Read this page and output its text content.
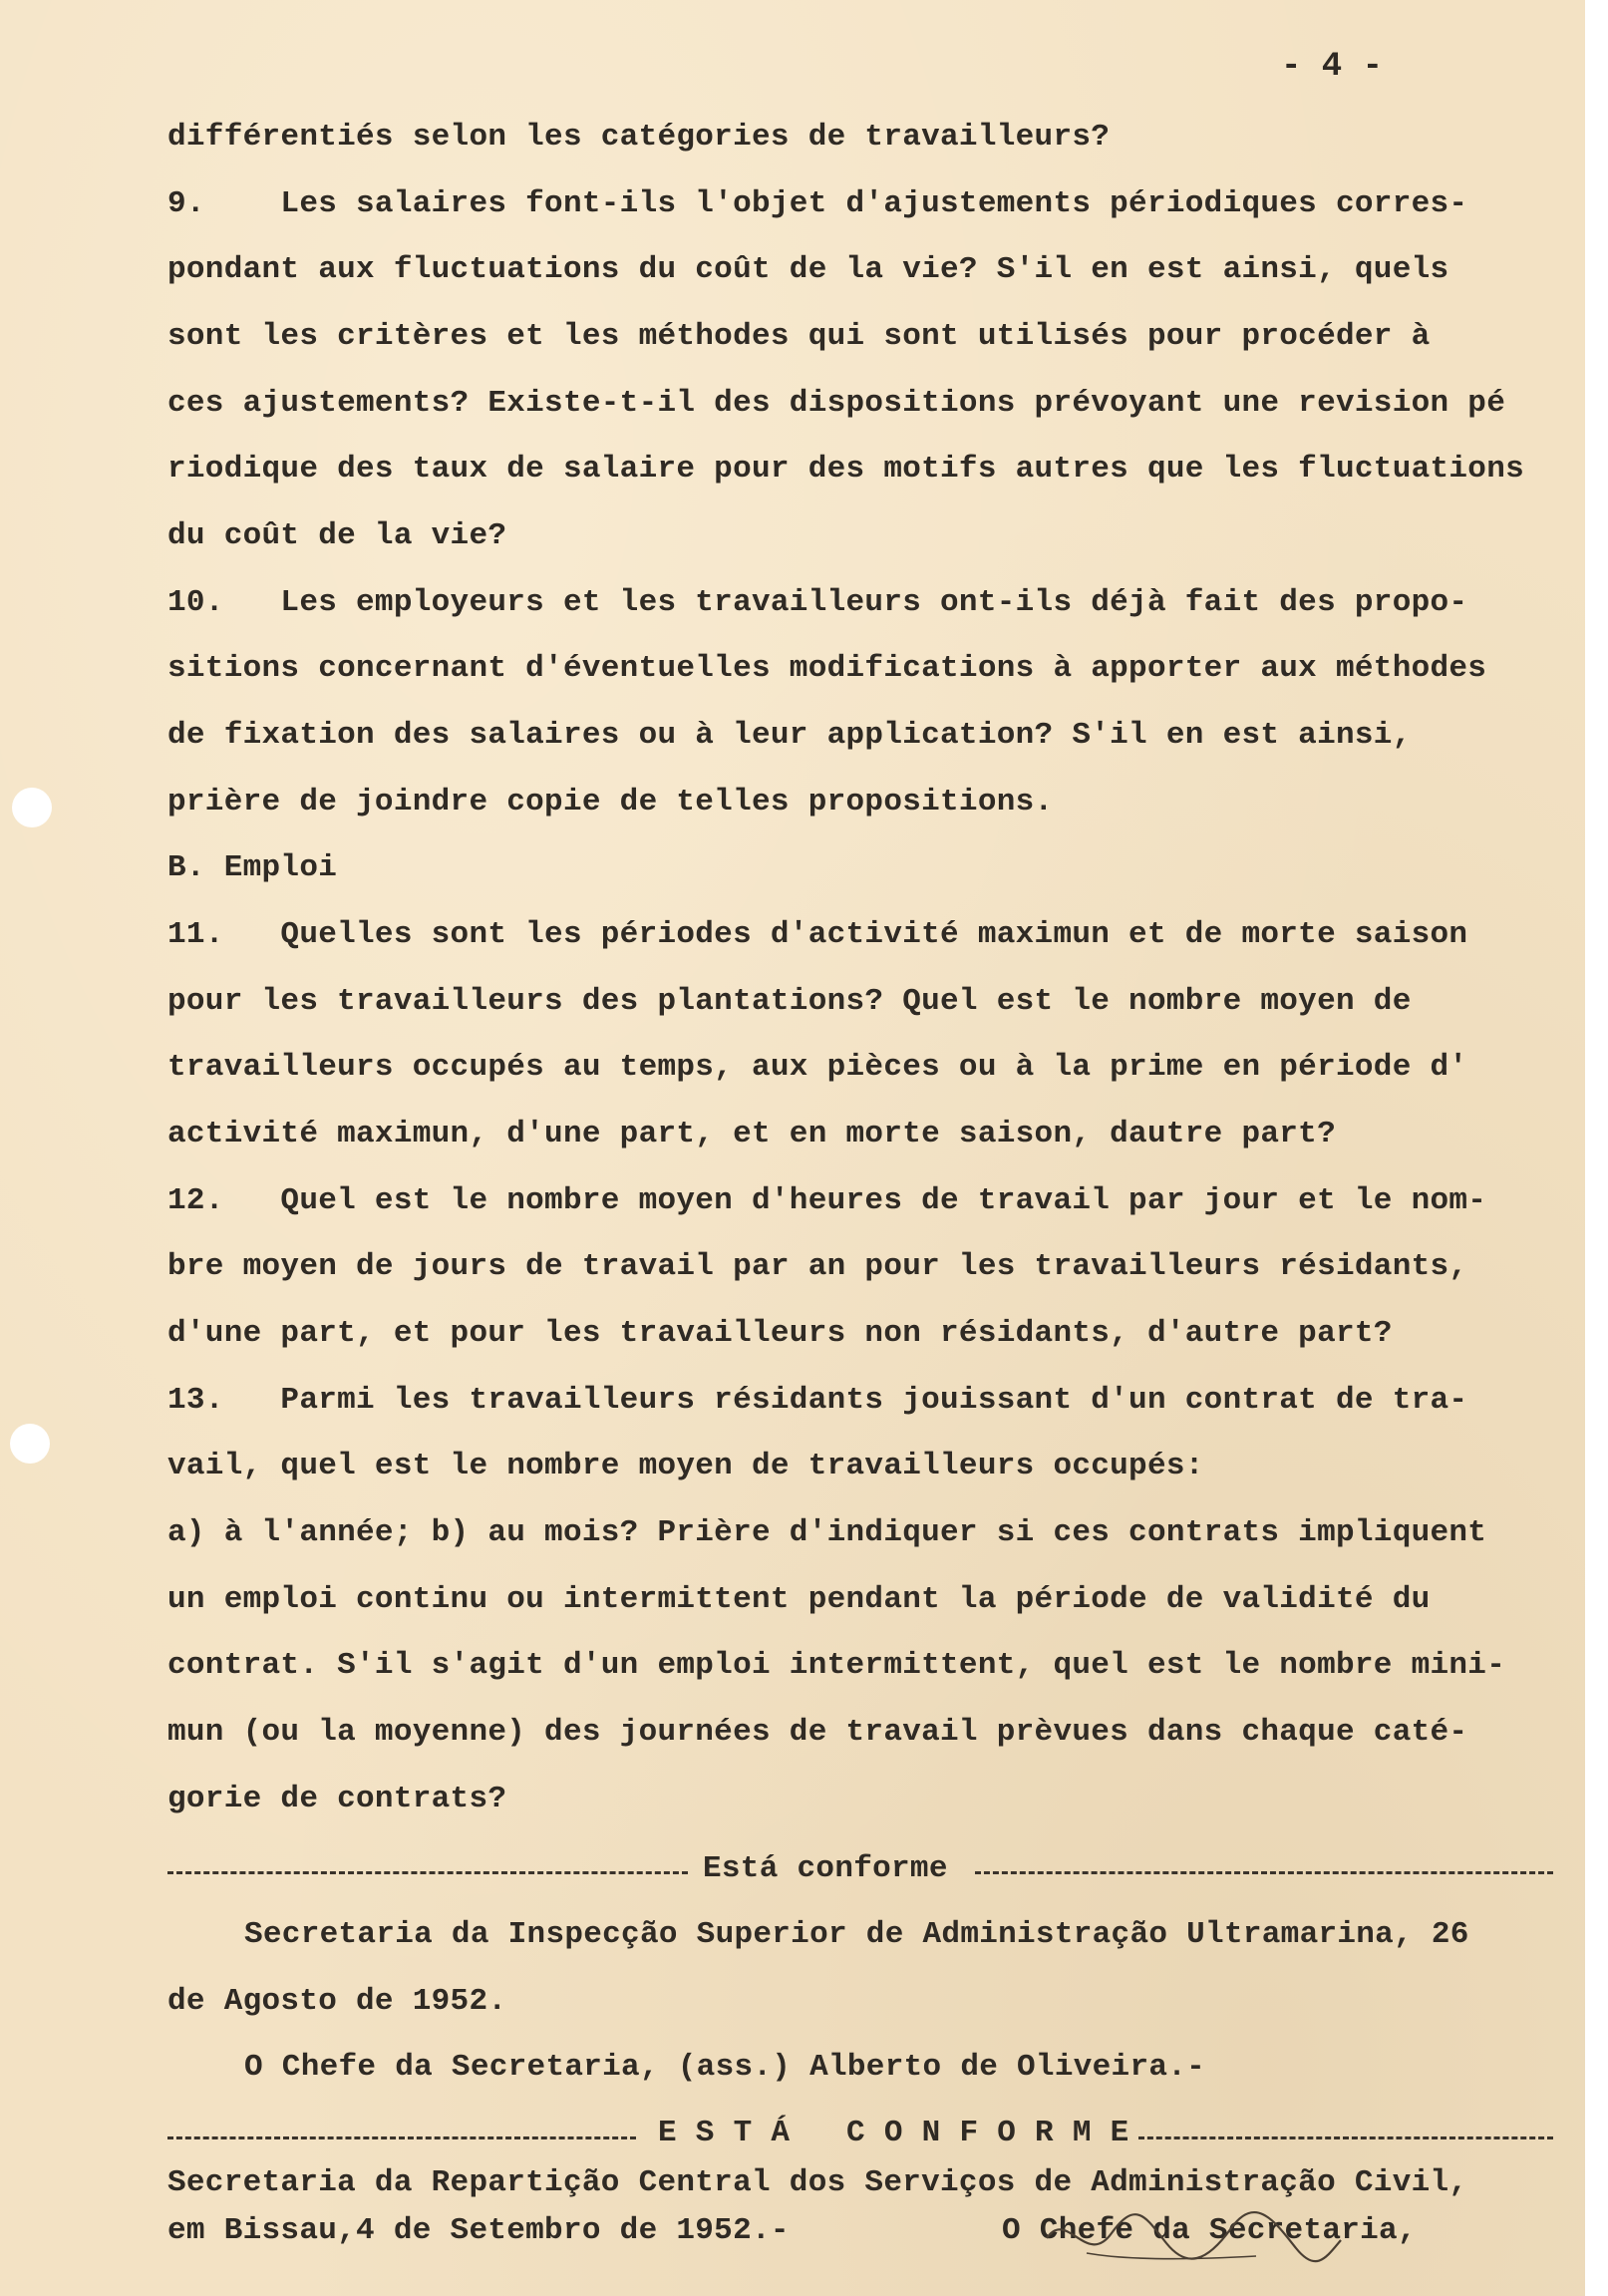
- 4 -
différentiés selon les catégories de travailleurs?
9.    Les salaires font-ils l'objet d'ajustements périodiques corres-
pondant aux fluctuations du coût de la vie? S'il en est ainsi, quels
sont les critères et les méthodes qui sont utilisés pour procéder à
ces ajustements? Existe-t-il des dispositions prévoyant une revision pé
riodique des taux de salaire pour des motifs autres que les fluctuations
du coût de la vie?
10.   Les employeurs et les travailleurs ont-ils déjà fait des propo-
sitions concernant d'éventuelles modifications à apporter aux méthodes
de fixation des salaires ou à leur application? S'il en est ainsi,
prière de joindre copie de telles propositions.
B. Emploi
11.   Quelles sont les périodes d'activité maximun et de morte saison
pour les travailleurs des plantations? Quel est le nombre moyen de
travailleurs occupés au temps, aux pièces ou à la prime en période d'
activité maximun, d'une part, et en morte saison, dautre part?
12.   Quel est le nombre moyen d'heures de travail par jour et le nom-
bre moyen de jours de travail par an pour les travailleurs résidants,
d'une part, et pour les travailleurs non résidants, d'autre part?
13.   Parmi les travailleurs résidants jouissant d'un contrat de tra-
vail, quel est le nombre moyen de travailleurs occupés:
a) à l'année; b) au mois? Prière d'indiquer si ces contrats impliquent
un emploi continu ou intermittent pendant la période de validité du
contrat. S'il s'agit d'un emploi intermittent, quel est le nombre mini-
mun (ou la moyenne) des journées de travail prèvues dans chaque caté-
gorie de contrats?
Está conforme
Secretaria da Inspecção Superior de Administração Ultramarina, 26
de Agosto de 1952.
O Chefe da Secretaria, (ass.) Alberto de Oliveira.-
E S T Á   C O N F O R M E
Secretaria da Repartição Central dos Serviços de Administração Civil,
em Bissau,4 de Setembro de 1952.-	O Chefe da Secretaria,
